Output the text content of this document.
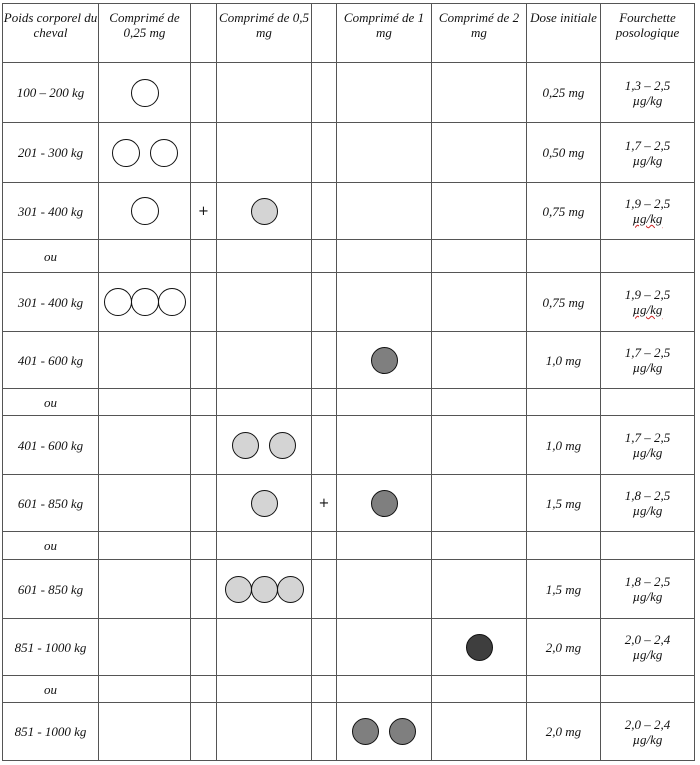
Poids corporel du cheval	Comprimé de 0,25 mg		Comprimé de 0,5 mg		Comprimé de 1 mg	Comprimé de 2 mg	Dose initiale	Fourchette posologique
100 – 200 kg							0,25 mg	1,3 – 2,5
µg/kg
201 - 300 kg							0,50 mg	1,7 – 2,5
µg/kg
301 - 400 kg		+					0,75 mg	1,9 – 2,5
µg/kg
ou								
301 - 400 kg							0,75 mg	1,9 – 2,5
µg/kg
401 - 600 kg							1,0 mg	1,7 – 2,5
µg/kg
ou								
401 - 600 kg							1,0 mg	1,7 – 2,5
µg/kg
601 - 850 kg				+			1,5 mg	1,8 – 2,5
µg/kg
ou								
601 - 850 kg							1,5 mg	1,8 – 2,5
µg/kg
851 - 1000 kg							2,0 mg	2,0 – 2,4
µg/kg
ou								
851 - 1000 kg							2,0 mg	2,0 – 2,4
µg/kg
